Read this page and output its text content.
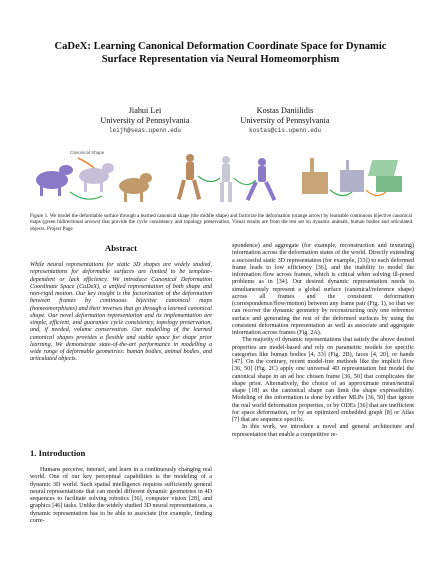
CaDeX: Learning Canonical Deformation Coordinate Space for Dynamic
Surface Representation via Neural Homeomorphism
Jiahui Lei
University of Pennsylvania
leijh@seas.upenn.edu
Kostas Daniilidis
University of Pennsylvania
kostas@cis.upenn.edu
Canonical Shape
Figure 1. We model the deformable surface through a learned canonical shape (the middle shape) and factorize the deformation (orange arrow) by learnable continuous bijective canonical maps (green bidirectional arrows) that provide the cycle consistency and topology preservation. Visual results are from the test set on dynamic animals, human bodies and articulated objects. Project Page
Abstract
While neural representations for static 3D shapes are widely studied, representations for deformable surfaces are limited to be template-dependent or lack efficiency. We introduce Canonical Deformation Coordinate Space (CaDeX), a unified representation of both shape and non-rigid motion. Our key insight is the factorization of the deformation between frames by continuous bijective canonical maps (homeomorphisms) and their inverses that go through a learned canonical shape. Our novel deformation representation and its implementation are simple, efficient, and guarantee cycle consistency, topology preservation, and, if needed, volume conservation. Our modelling of the learned canonical shapes provides a flexible and stable space for shape prior learning. We demonstrate state-of-the-art performance in modelling a wide range of deformable geometries: human bodies, animal bodies, and articulated objects.
1. Introduction

Humans perceive, interact, and learn in a continuously changing real world. One of our key perceptual capabilities is the modeling of a dynamic 3D world. Such spatial intelligence requires sufficiently general neural representations that can model different dynamic geometries in 4D sequences to facilitate solving robotics [36], computer vision [28], and graphics [46] tasks. Unlike the widely studied 3D neural representations, a dynamic representation has to be able to associate (for example, finding corre-

spondence) and aggregate (for example, reconstruction and texturing) information across the deformation states of the world. Directly extending a successful static 3D representation (for example, [33]) to each deformed frame leads to low efficiency [36], and the inability to model the information flow across frames, which is critical when solving ill-posed problems as in [34]. Our desired dynamic representation needs to simultaneously represent a global surface (canonical/reference shape) across all frames and the consistent deformation (correspondence/flow/motion) between any frame pair (Fig. 1), so that we can recover the dynamic geometry by reconstructing only one reference surface and generating the rest of the deformed surfaces by using the consistent deformation representation as well as associate and aggregate information across frames (Fig. 2A).

The majority of dynamic representations that satisfy the above desired properties are model-based and rely on parametric models for specific categories like human bodies [4, 33] (Fig. 2B), faces [4, 20], or hands [47]. On the contrary, recent model-free methods like the implicit flow [36, 50] (Fig. 2C) apply one universal 4D representation but model the canonical shape in an ad hoc chosen frame [36, 50] that complicates the shape prior. Alternatively, the choice of an approximate mean/neutral shape [18] as the canonical shape can limit the shape expressibility. Modeling of the information is done by either MLPs [36, 50] that ignore the real world deformation properties, or by ODEs [36] that are inefficient for space deformation, or by an optimized embedded graph [8] or Atlas [7] that are sequence specific.

In this work, we introduce a novel and general architecture and representation that enable a competitive re-
